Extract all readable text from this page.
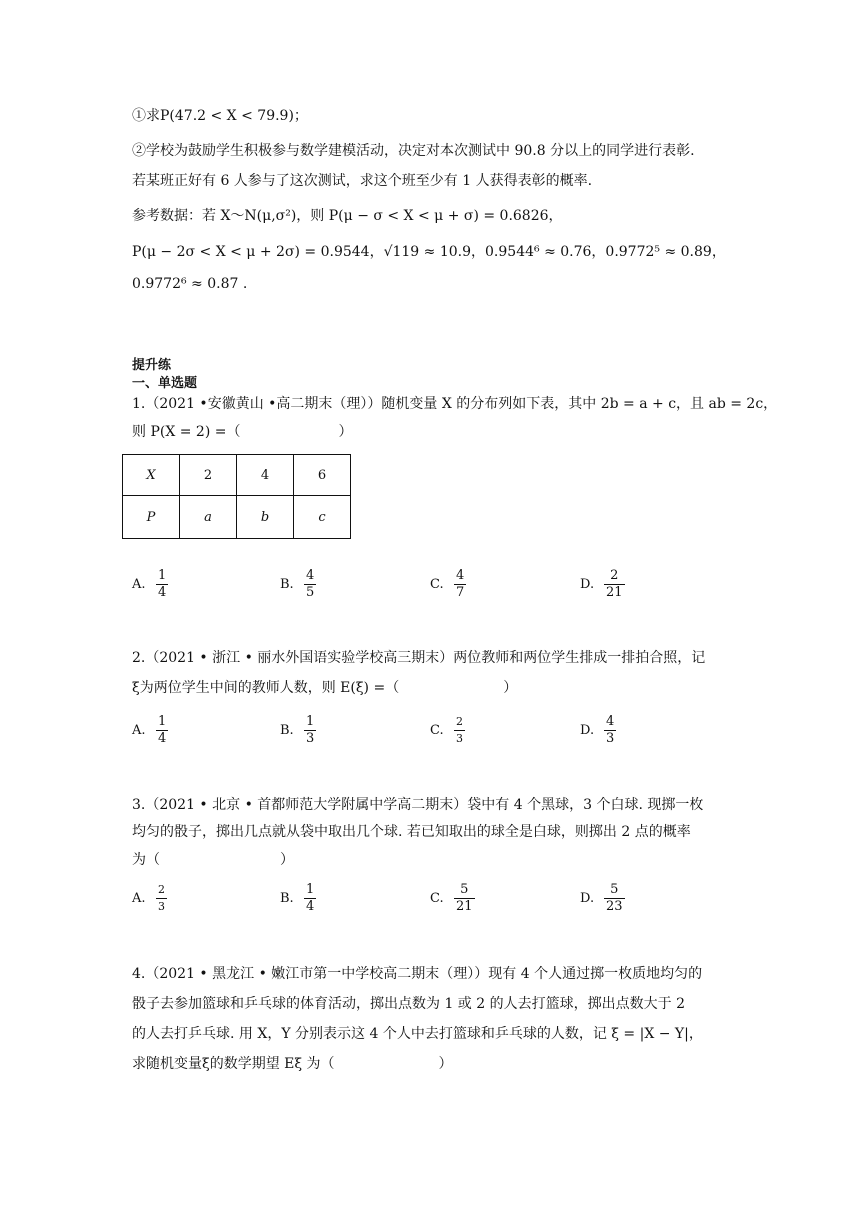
①求P(47.2 < X < 79.9)；
②学校为鼓励学生积极参与数学建模活动，决定对本次测试中 90.8 分以上的同学进行表彰.
若某班正好有 6 人参与了这次测试，求这个班至少有 1 人获得表彰的概率.
参考数据：若 X～N(μ,σ²)，则 P(μ − σ < X < μ + σ) = 0.6826，
P(μ − 2σ < X < μ + 2σ) = 0.9544，√119 ≈ 10.9，0.9544⁶ ≈ 0.76，0.9772⁵ ≈ 0.89，
0.9772⁶ ≈ 0.87 .
提升练
一、单选题
1.（2021 •安徽黄山 •高二期末（理））随机变量 X 的分布列如下表，其中 2b = a + c，且 ab = 2c，
则 P(X = 2) =（	）
X	2	4	6
P	a	b	c
A. $\frac{1}{4}$	B. $\frac{4}{5}$	C. $\frac{4}{7}$	D. $\frac{2}{21}$
2.（2021 • 浙江 • 丽水外国语实验学校高三期末）两位教师和两位学生排成一排拍合照，记
ξ为两位学生中间的教师人数，则 E(ξ) =（	）
A. $\frac{1}{4}$	B. $\frac{1}{3}$	C. $\frac{2}{3}$	D. $\frac{4}{3}$
3.（2021 • 北京 • 首都师范大学附属中学高二期末）袋中有 4 个黑球，3 个白球. 现掷一枚
均匀的骰子，掷出几点就从袋中取出几个球. 若已知取出的球全是白球，则掷出 2 点的概率
为（	）
A. $\frac{2}{3}$	B. $\frac{1}{4}$	C. $\frac{5}{21}$	D. $\frac{5}{23}$
4.（2021 • 黑龙江 • 嫩江市第一中学校高二期末（理））现有 4 个人通过掷一枚质地均匀的
骰子去参加篮球和乒乓球的体育活动，掷出点数为 1 或 2 的人去打篮球，掷出点数大于 2
的人去打乒乓球. 用 X，Y 分别表示这 4 个人中去打篮球和乒乓球的人数，记 ξ = |X − Y|，
求随机变量ξ的数学期望 Eξ 为（	）
